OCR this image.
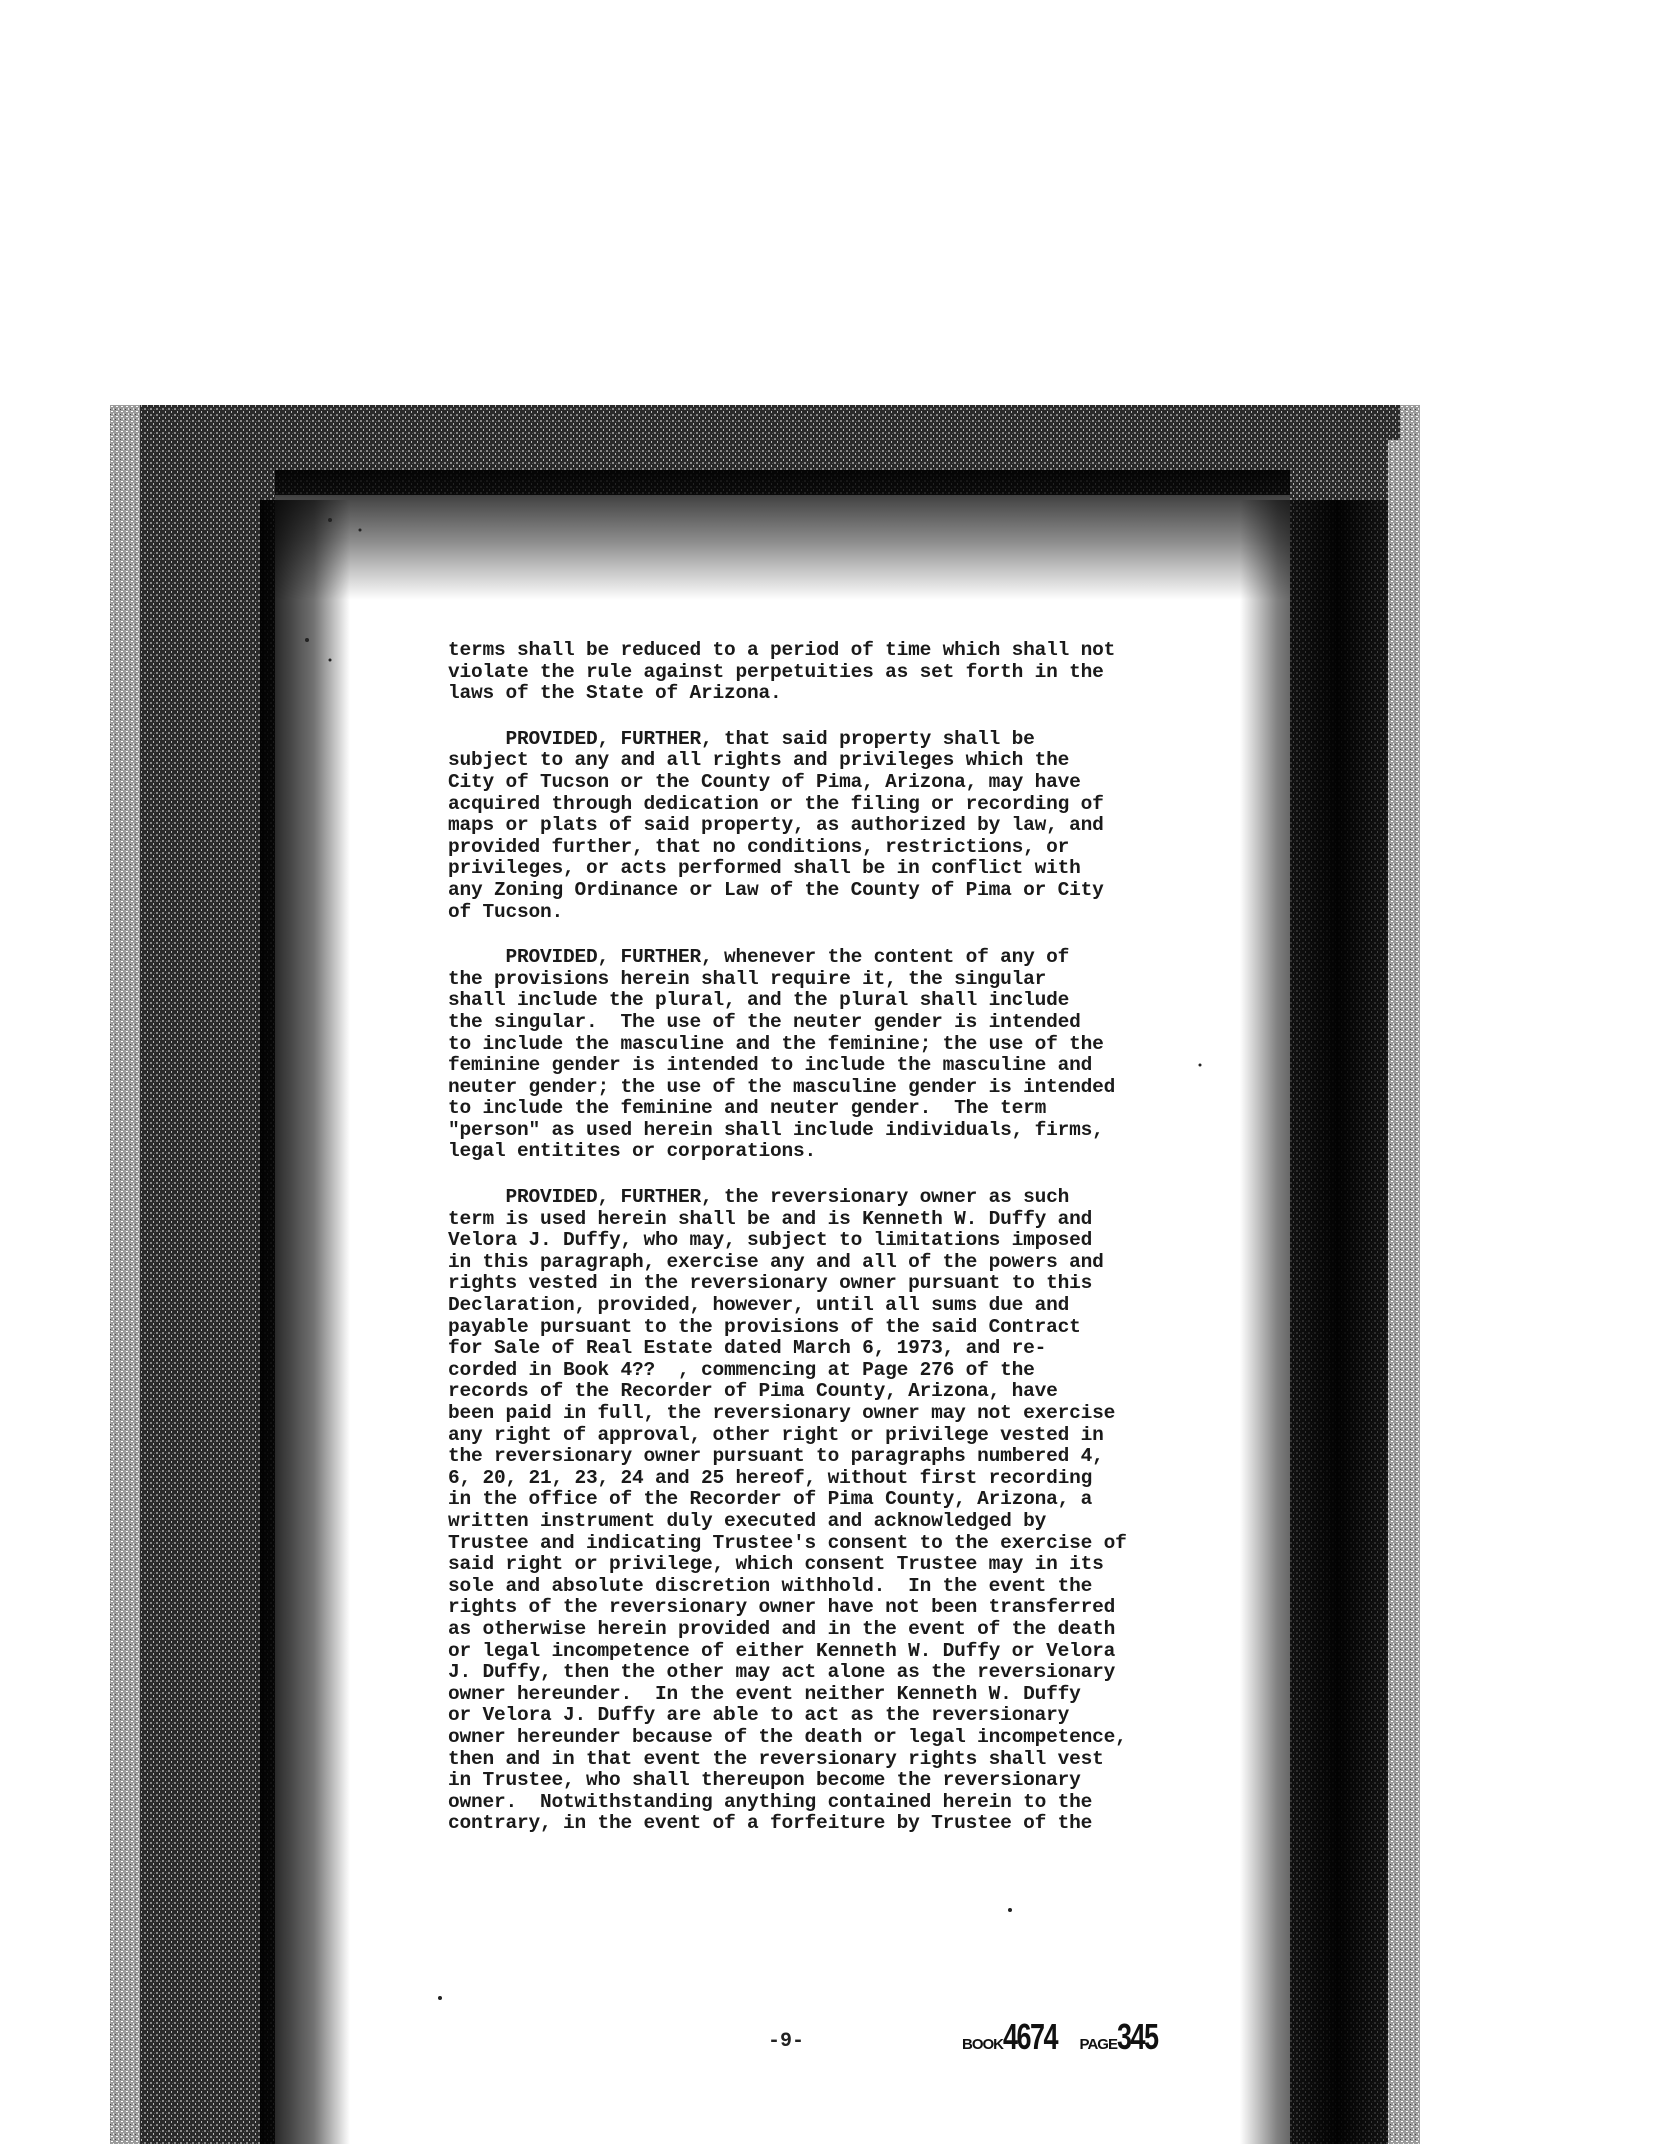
terms shall be reduced to a period of time which shall not
violate the rule against perpetuities as set forth in the
laws of the State of Arizona.
PROVIDED, FURTHER, that said property shall be
subject to any and all rights and privileges which the
City of Tucson or the County of Pima, Arizona, may have
acquired through dedication or the filing or recording of
maps or plats of said property, as authorized by law, and
provided further, that no conditions, restrictions, or
privileges, or acts performed shall be in conflict with
any Zoning Ordinance or Law of the County of Pima or City
of Tucson.
PROVIDED, FURTHER, whenever the content of any of
the provisions herein shall require it, the singular
shall include the plural, and the plural shall include
the singular.  The use of the neuter gender is intended
to include the masculine and the feminine; the use of the
feminine gender is intended to include the masculine and
neuter gender; the use of the masculine gender is intended
to include the feminine and neuter gender.  The term
"person" as used herein shall include individuals, firms,
legal entitites or corporations.
PROVIDED, FURTHER, the reversionary owner as such
term is used herein shall be and is Kenneth W. Duffy and
Velora J. Duffy, who may, subject to limitations imposed
in this paragraph, exercise any and all of the powers and
rights vested in the reversionary owner pursuant to this
Declaration, provided, however, until all sums due and
payable pursuant to the provisions of the said Contract
for Sale of Real Estate dated March 6, 1973, and re-
corded in Book 4??  , commencing at Page 276 of the
records of the Recorder of Pima County, Arizona, have
been paid in full, the reversionary owner may not exercise
any right of approval, other right or privilege vested in
the reversionary owner pursuant to paragraphs numbered 4,
6, 20, 21, 23, 24 and 25 hereof, without first recording
in the office of the Recorder of Pima County, Arizona, a
written instrument duly executed and acknowledged by
Trustee and indicating Trustee's consent to the exercise of
said right or privilege, which consent Trustee may in its
sole and absolute discretion withhold.  In the event the
rights of the reversionary owner have not been transferred
as otherwise herein provided and in the event of the death
or legal incompetence of either Kenneth W. Duffy or Velora
J. Duffy, then the other may act alone as the reversionary
owner hereunder.  In the event neither Kenneth W. Duffy
or Velora J. Duffy are able to act as the reversionary
owner hereunder because of the death or legal incompetence,
then and in that event the reversionary rights shall vest
in Trustee, who shall thereupon become the reversionary
owner.  Notwithstanding anything contained herein to the
contrary, in the event of a forfeiture by Trustee of the
-9-	BOOK4674 PAGE345
